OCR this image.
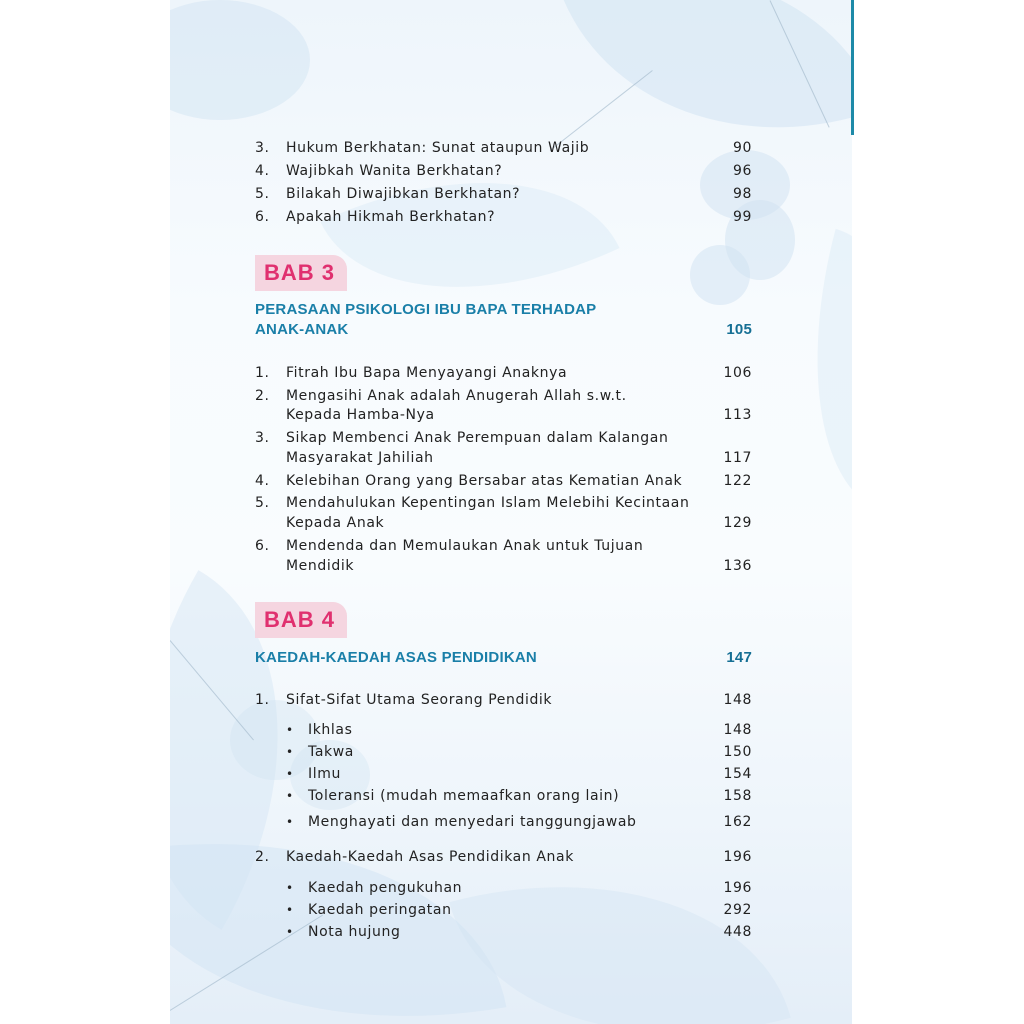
3.	Hukum Berkhatan: Sunat ataupun Wajib	90
4.	Wajibkah Wanita Berkhatan?	96
5.	Bilakah Diwajibkan Berkhatan?	98
6.	Apakah Hikmah Berkhatan?	99
BAB 3
PERASAAN PSIKOLOGI IBU BAPA TERHADAP
ANAK-ANAK	105
1.	Fitrah Ibu Bapa Menyayangi Anaknya	106
2.	Mengasihi Anak adalah Anugerah Allah s.w.t.
Kepada Hamba-Nya	113
3.	Sikap Membenci Anak Perempuan dalam Kalangan
Masyarakat Jahiliah	117
4.	Kelebihan Orang yang Bersabar atas Kematian Anak	122
5.	Mendahulukan Kepentingan Islam Melebihi Kecintaan
Kepada Anak	129
6.	Mendenda dan Memulaukan Anak untuk Tujuan
Mendidik	136
BAB 4
KAEDAH-KAEDAH ASAS PENDIDIKAN	147
1.	Sifat-Sifat Utama Seorang Pendidik	148
• Ikhlas	148
• Takwa	150
• Ilmu	154
• Toleransi (mudah memaafkan orang lain)	158
• Menghayati dan menyedari tanggungjawab	162
2.	Kaedah-Kaedah Asas Pendidikan Anak	196
• Kaedah pengukuhan	196
• Kaedah peringatan	292
• Nota hujung	448
